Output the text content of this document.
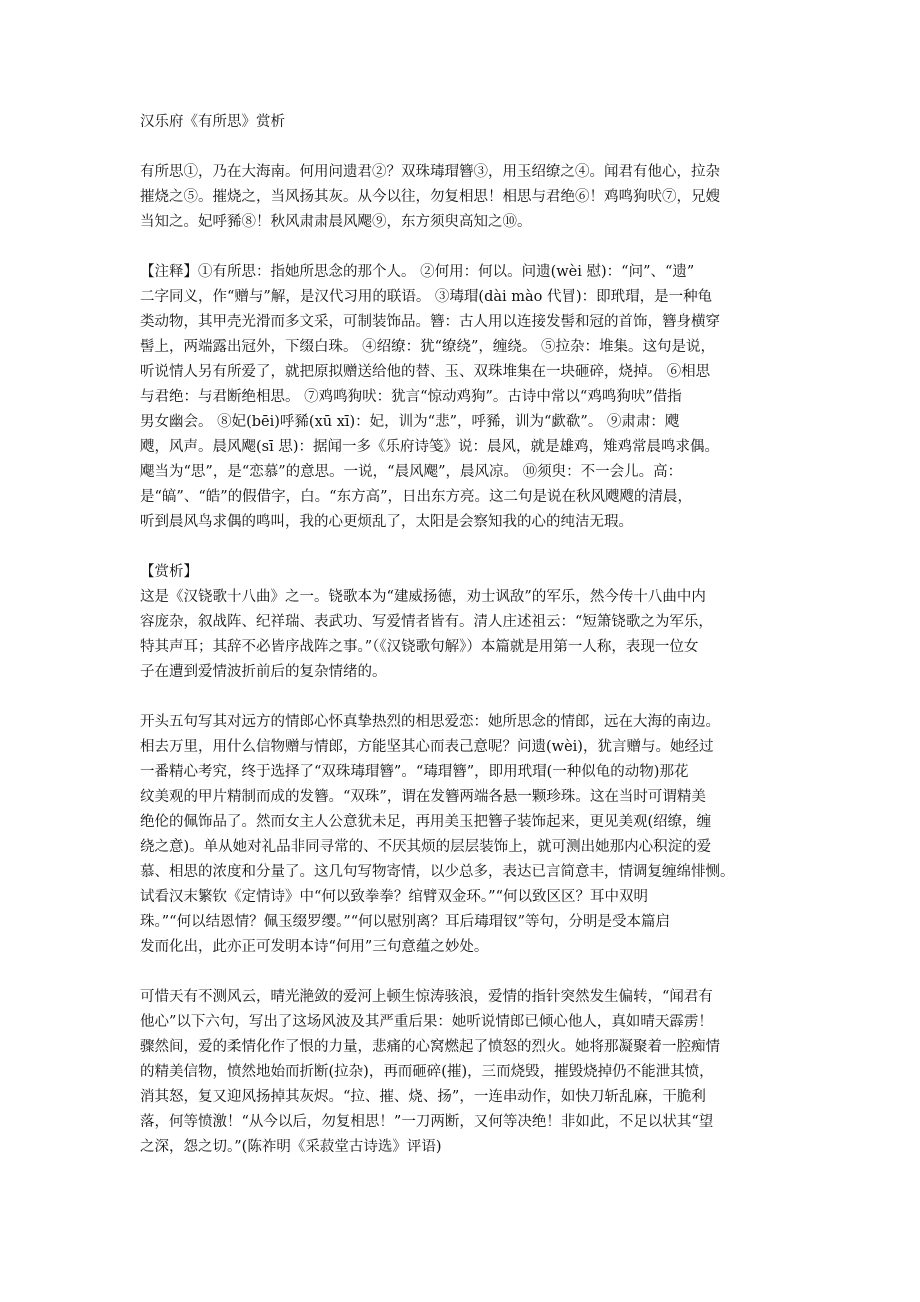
汉乐府《有所思》赏析
有所思①，乃在大海南。何用问遗君②？双珠瑇瑁簪③，用玉绍缭之④。闻君有他心，拉杂
摧烧之⑤。摧烧之，当风扬其灰。从今以往，勿复相思！相思与君绝⑥！鸡鸣狗吠⑦，兄嫂
当知之。妃呼豨⑧！秋风肃肃晨风飔⑨，东方须臾高知之⑩。
【注释】①有所思：指她所思念的那个人。 ②何用：何以。问遗(wèi 慰)：“问”、“遗”
二字同义，作“赠与”解，是汉代习用的联语。 ③瑇瑁(dài mào 代冒)：即玳瑁，是一种龟
类动物，其甲壳光滑而多文采，可制装饰品。簪：古人用以连接发髻和冠的首饰，簪身横穿
髻上，两端露出冠外，下缀白珠。 ④绍缭：犹“缭绕”，缠绕。 ⑤拉杂：堆集。这句是说，
听说情人另有所爱了，就把原拟赠送给他的替、玉、双珠堆集在一块砸碎，烧掉。 ⑥相思
与君绝：与君断绝相思。 ⑦鸡鸣狗吠：犹言“惊动鸡狗”。古诗中常以“鸡鸣狗吠”借指
男女幽会。 ⑧妃(bēi)呼豨(xū xī)：妃，训为“悲”，呼豨，训为“歔欷”。 ⑨肃肃：飕
飕，风声。晨风飔(sī 思)：据闻一多《乐府诗笺》说：晨风，就是雄鸡，雉鸡常晨鸣求偶。
飔当为“思”，是“恋慕”的意思。一说，“晨风飔”，晨风凉。 ⑩须臾：不一会儿。高：
是“皜”、“皓”的假借字，白。“东方高”，日出东方亮。这二句是说在秋风飕飕的清晨，
听到晨风鸟求偶的鸣叫，我的心更烦乱了，太阳是会察知我的心的纯洁无瑕。
【赏析】
这是《汉铙歌十八曲》之一。铙歌本为“建威扬德，劝士讽敌”的军乐，然今传十八曲中内
容庞杂，叙战阵、纪祥瑞、表武功、写爱情者皆有。清人庄述祖云：“短箫铙歌之为军乐，
特其声耳；其辞不必皆序战阵之事。”（《汉铙歌句解》）本篇就是用第一人称，表现一位女
子在遭到爱情波折前后的复杂情绪的。
开头五句写其对远方的情郎心怀真挚热烈的相思爱恋：她所思念的情郎，远在大海的南边。
相去万里，用什么信物赠与情郎，方能坚其心而表己意呢？问遗(wèi)，犹言赠与。她经过
一番精心考究，终于选择了“双珠瑇瑁簪”。“瑇瑁簪”，即用玳瑁(一种似龟的动物)那花
纹美观的甲片精制而成的发簪。“双珠”，谓在发簪两端各悬一颗珍珠。这在当时可谓精美
绝伦的佩饰品了。然而女主人公意犹未足，再用美玉把簪子装饰起来，更见美观(绍缭，缠
绕之意)。单从她对礼品非同寻常的、不厌其烦的层层装饰上，就可测出她那内心积淀的爱
慕、相思的浓度和分量了。这几句写物寄情，以少总多，表达已言简意丰，情调复缠绵悱恻。
试看汉末繁钦《定情诗》中“何以致拳拳？绾臂双金环。”“何以致区区？耳中双明
珠。”“何以结恩情？佩玉缀罗缨。”“何以慰别离？耳后瑇瑁钗”等句，分明是受本篇启
发而化出，此亦正可发明本诗“何用”三句意蕴之妙处。
可惜天有不测风云，晴光滟敛的爱河上顿生惊涛骇浪，爱情的指针突然发生偏转，“闻君有
他心”以下六句，写出了这场风波及其严重后果：她听说情郎已倾心他人，真如晴天霹雳！
骤然间，爱的柔情化作了恨的力量，悲痛的心窝燃起了愤怒的烈火。她将那凝聚着一腔痴情
的精美信物，愤然地始而折断(拉杂)，再而砸碎(摧)，三而烧毁，摧毁烧掉仍不能泄其愤，
消其怒，复又迎风扬掉其灰烬。“拉、摧、烧、扬”，一连串动作，如快刀斩乱麻，干脆利
落，何等愤激！“从今以后，勿复相思！”一刀两断，又何等决绝！非如此，不足以状其“望
之深，怨之切。”(陈祚明《采菽堂古诗选》评语)
